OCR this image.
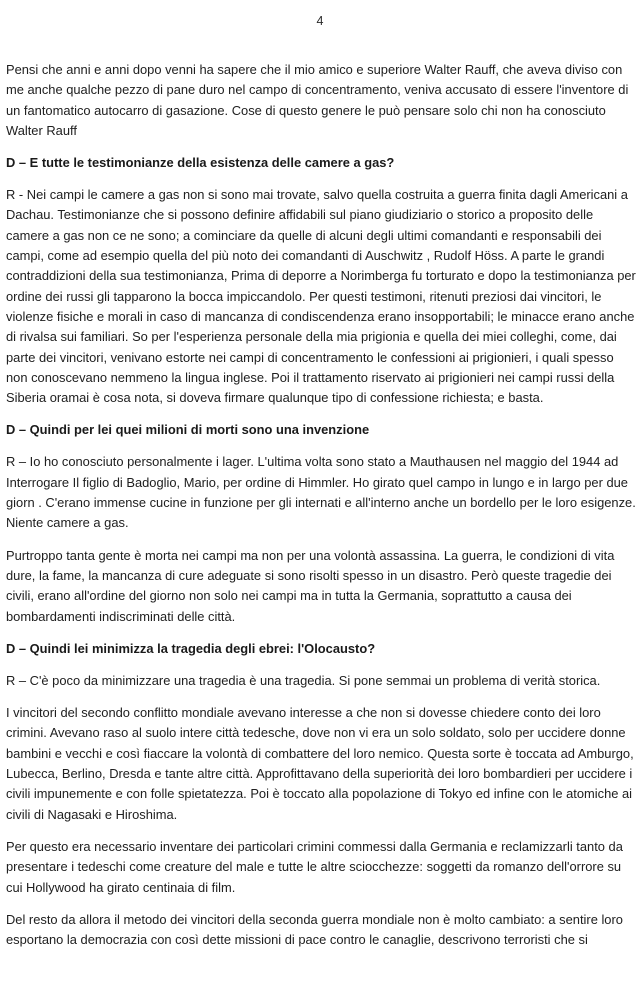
4

Pensi che anni e anni dopo venni ha sapere che il mio amico e superiore Walter Rauff, che aveva diviso con me anche qualche pezzo di pane duro nel campo di concentramento, veniva accusato di essere l'inventore di un fantomatico autocarro di gasazione. Cose di questo genere le può pensare solo chi non ha conosciuto Walter Rauff

D – E tutte le testimonianze della esistenza delle camere a gas?

R - Nei campi le camere a gas non si sono mai trovate, salvo quella costruita a guerra finita dagli Americani a Dachau. Testimonianze che si possono definire affidabili sul piano giudiziario o storico a proposito delle camere a gas non ce ne sono; a cominciare da quelle di alcuni degli ultimi comandanti e responsabili dei campi, come ad esempio quella del più noto dei comandanti di Auschwitz , Rudolf Höss. A parte le grandi contraddizioni della sua testimonianza, Prima di deporre a Norimberga fu torturato e dopo la testimonianza per ordine dei russi gli tapparono la bocca impiccandolo. Per questi testimoni, ritenuti preziosi dai vincitori, le violenze fisiche e morali in caso di mancanza di condiscendenza erano insopportabili; le minacce erano anche di rivalsa sui familiari. So per l'esperienza personale della mia prigionia e quella dei miei colleghi, come, dai parte dei vincitori, venivano estorte nei campi di concentramento le confessioni ai prigionieri, i quali spesso non conoscevano nemmeno la lingua inglese. Poi il trattamento riservato ai prigionieri nei campi russi della Siberia oramai è cosa nota, si doveva firmare qualunque tipo di confessione richiesta; e basta.

D – Quindi per lei quei milioni di morti sono una invenzione

R – Io ho conosciuto personalmente i lager. L'ultima volta sono stato a Mauthausen nel maggio del 1944 ad Interrogare Il figlio di Badoglio, Mario, per ordine di Himmler. Ho girato quel campo in lungo e in largo per due giorn . C'erano immense cucine in funzione per gli internati e all'interno anche un bordello per le loro esigenze. Niente camere a gas.

Purtroppo tanta gente è morta nei campi ma non per una volontà assassina. La guerra, le condizioni di vita dure, la fame, la mancanza di cure adeguate si sono risolti spesso in un disastro. Però queste tragedie dei civili, erano all'ordine del giorno non solo nei campi ma in tutta la Germania, soprattutto a causa dei bombardamenti indiscriminati delle città.

D – Quindi lei minimizza la tragedia degli ebrei: l'Olocausto?

R – C'è poco da minimizzare una tragedia è una tragedia. Si pone semmai un problema di verità storica.

I vincitori del secondo conflitto mondiale avevano interesse a che non si dovesse chiedere conto dei loro crimini. Avevano raso al suolo intere città tedesche, dove non vi era un solo soldato, solo per uccidere donne bambini e vecchi e così fiaccare la volontà di combattere del loro nemico. Questa sorte è toccata ad Amburgo, Lubecca, Berlino, Dresda e tante altre città. Approfittavano della superiorità dei loro bombardieri per uccidere i civili impunemente e con folle spietatezza. Poi è toccato alla popolazione di Tokyo ed infine con le atomiche ai civili di Nagasaki e Hiroshima.

Per questo era necessario inventare dei particolari crimini commessi dalla Germania e reclamizzarli tanto da presentare i tedeschi come creature del male e tutte le altre sciocchezze: soggetti da romanzo dell'orrore su cui Hollywood ha girato centinaia di film.

Del resto da allora il metodo dei vincitori della seconda guerra mondiale non è molto cambiato: a sentire loro esportano la democrazia con così dette missioni di pace contro le canaglie, descrivono terroristi che si
